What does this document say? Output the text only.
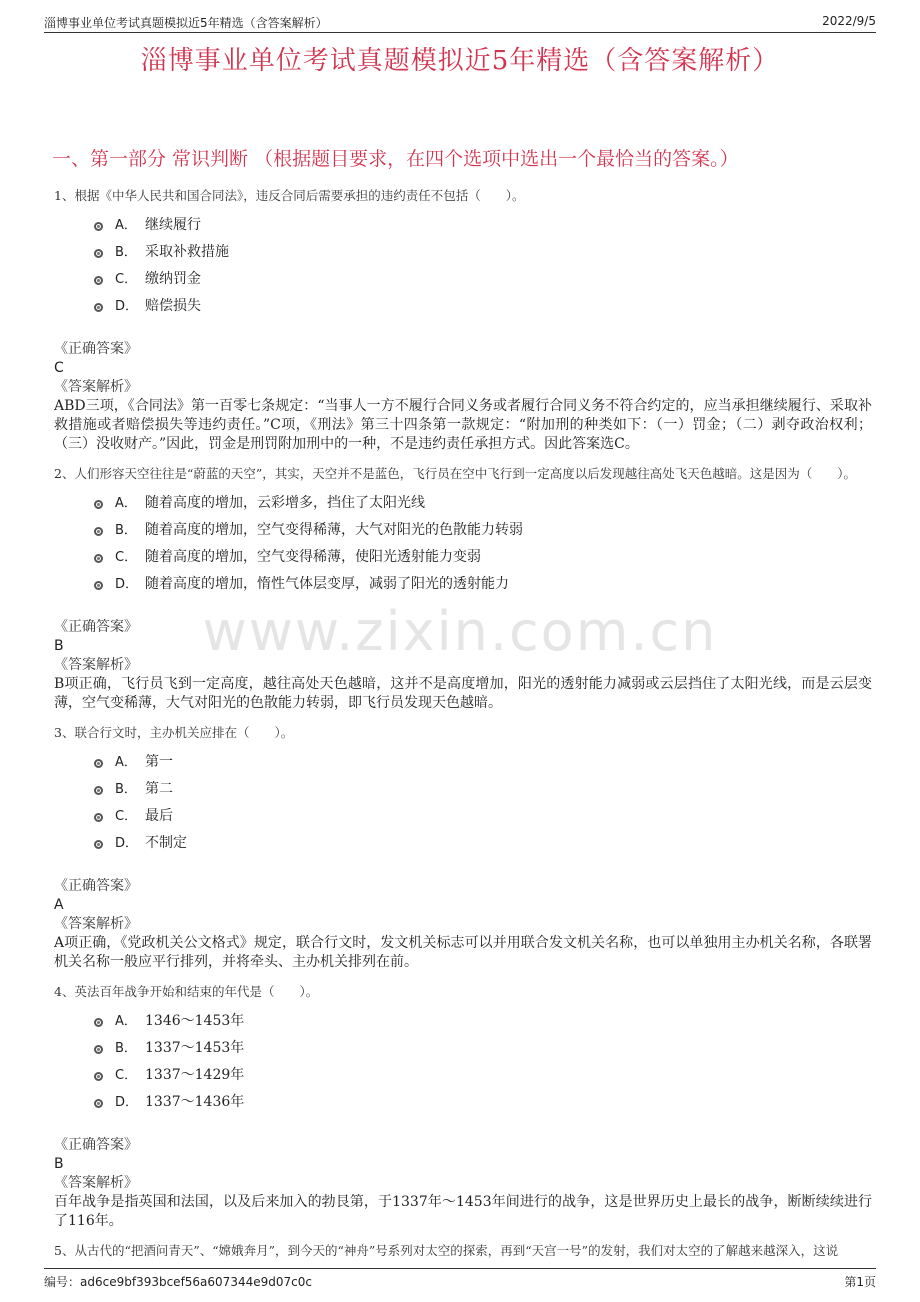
淄博事业单位考试真题模拟近5年精选（含答案解析）	2022/9/5
淄博事业单位考试真题模拟近5年精选（含答案解析）
一、第一部分 常识判断 （根据题目要求，在四个选项中选出一个最恰当的答案。）
www.zixin.com.cn
1、根据《中华人民共和国合同法》，违反合同后需要承担的违约责任不包括（　　）。
A． 继续履行
B． 采取补救措施
C． 缴纳罚金
D． 赔偿损失
《正确答案》
C
《答案解析》
ABD三项，《合同法》第一百零七条规定：“当事人一方不履行合同义务或者履行合同义务不符合约定的，应当承担继续履行、采取补救措施或者赔偿损失等违约责任。”C项，《刑法》第三十四条第一款规定：“附加刑的种类如下：（一）罚金；（二）剥夺政治权利；（三）没收财产。”因此，罚金是刑罚附加刑中的一种，不是违约责任承担方式。因此答案选C。
2、人们形容天空往往是“蔚蓝的天空”，其实，天空并不是蓝色，飞行员在空中飞行到一定高度以后发现越往高处飞天色越暗。这是因为（　　）。
A． 随着高度的增加，云彩增多，挡住了太阳光线
B． 随着高度的增加，空气变得稀薄，大气对阳光的色散能力转弱
C． 随着高度的增加，空气变得稀薄，使阳光透射能力变弱
D． 随着高度的增加，惰性气体层变厚，减弱了阳光的透射能力
《正确答案》
B
《答案解析》
B项正确，飞行员飞到一定高度，越往高处天色越暗，这并不是高度增加，阳光的透射能力减弱或云层挡住了太阳光线，而是云层变薄，空气变稀薄，大气对阳光的色散能力转弱，即飞行员发现天色越暗。
3、联合行文时，主办机关应排在（　　）。
A． 第一
B． 第二
C． 最后
D． 不制定
《正确答案》
A
《答案解析》
A项正确，《党政机关公文格式》规定，联合行文时，发文机关标志可以并用联合发文机关名称，也可以单独用主办机关名称，各联署机关名称一般应平行排列，并将牵头、主办机关排列在前。
4、英法百年战争开始和结束的年代是（　　）。
A． 1346～1453年
B． 1337～1453年
C． 1337～1429年
D． 1337～1436年
《正确答案》
B
《答案解析》
百年战争是指英国和法国，以及后来加入的勃艮第，于1337年～1453年间进行的战争，这是世界历史上最长的战争，断断续续进行了116年。
5、从古代的“把酒问青天”、“嫦娥奔月”，到今天的“神舟”号系列对太空的探索，再到“天宫一号”的发射，我们对太空的了解越来越深入，这说
编号：ad6ce9bf393bcef56a607344e9d07c0c	第1页
